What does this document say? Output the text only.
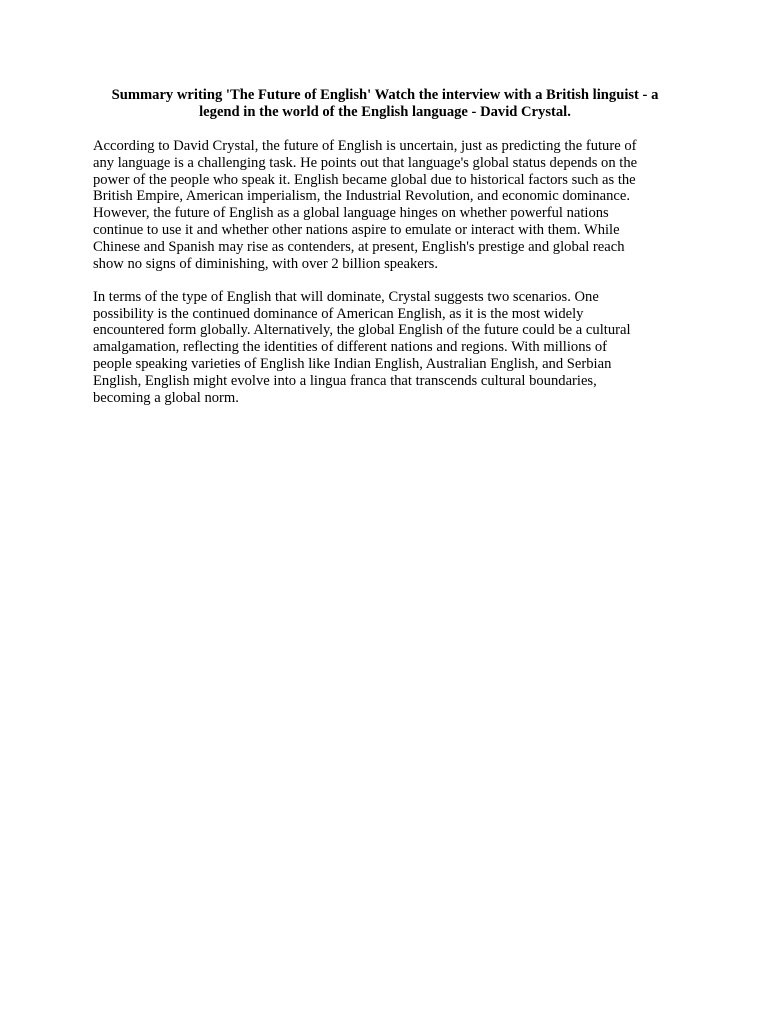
Summary writing 'The Future of English' Watch the interview with a British linguist - a
legend in the world of the English language - David Crystal.

According to David Crystal, the future of English is uncertain, just as predicting the future of
any language is a challenging task. He points out that language's global status depends on the
power of the people who speak it. English became global due to historical factors such as the
British Empire, American imperialism, the Industrial Revolution, and economic dominance.
However, the future of English as a global language hinges on whether powerful nations
continue to use it and whether other nations aspire to emulate or interact with them. While
Chinese and Spanish may rise as contenders, at present, English's prestige and global reach
show no signs of diminishing, with over 2 billion speakers.

In terms of the type of English that will dominate, Crystal suggests two scenarios. One
possibility is the continued dominance of American English, as it is the most widely
encountered form globally. Alternatively, the global English of the future could be a cultural
amalgamation, reflecting the identities of different nations and regions. With millions of
people speaking varieties of English like Indian English, Australian English, and Serbian
English, English might evolve into a lingua franca that transcends cultural boundaries,
becoming a global norm.
